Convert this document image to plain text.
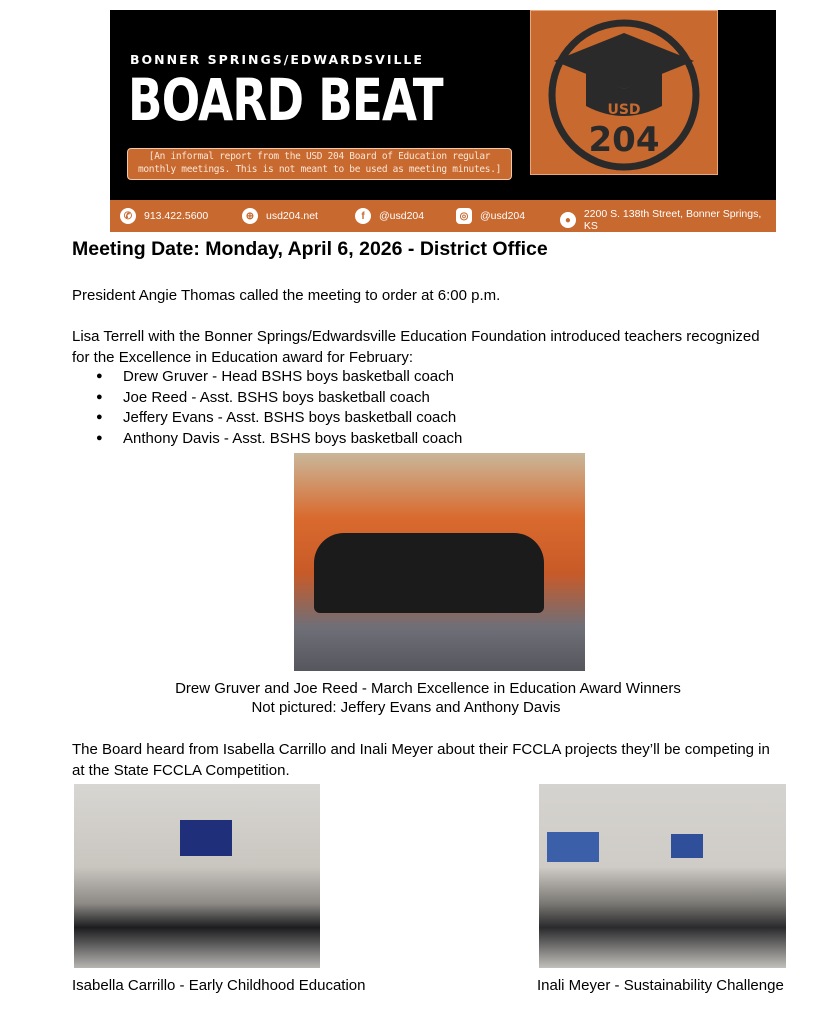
BONNER SPRINGS/EDWARDSVILLE
BOARD BEAT
[An informal report from the USD 204 Board of Education regular monthly meetings. This is not meant to be used as meeting minutes.]
USD
204
✆	913.422.5600	⊕	usd204.net	f	@usd204	◎	@usd204	●	2200 S. 138th Street, Bonner Springs, KS
Meeting Date: Monday, April 6, 2026 - District Office
President Angie Thomas called the meeting to order at 6:00 p.m.
Lisa Terrell with the Bonner Springs/Edwardsville Education Foundation introduced teachers recognized
for the Excellence in Education award for February:
● Drew Gruver - Head BSHS boys basketball coach
● Joe Reed - Asst. BSHS boys basketball coach
● Jeffery Evans - Asst. BSHS boys basketball coach
● Anthony Davis - Asst. BSHS boys basketball coach
Drew Gruver and Joe Reed - March Excellence in Education Award Winners
Not pictured: Jeffery Evans and Anthony Davis
The Board heard from Isabella Carrillo and Inali Meyer about their FCCLA projects they’ll be competing in
at the State FCCLA Competition.
Isabella Carrillo - Early Childhood Education	Inali Meyer - Sustainability Challenge
